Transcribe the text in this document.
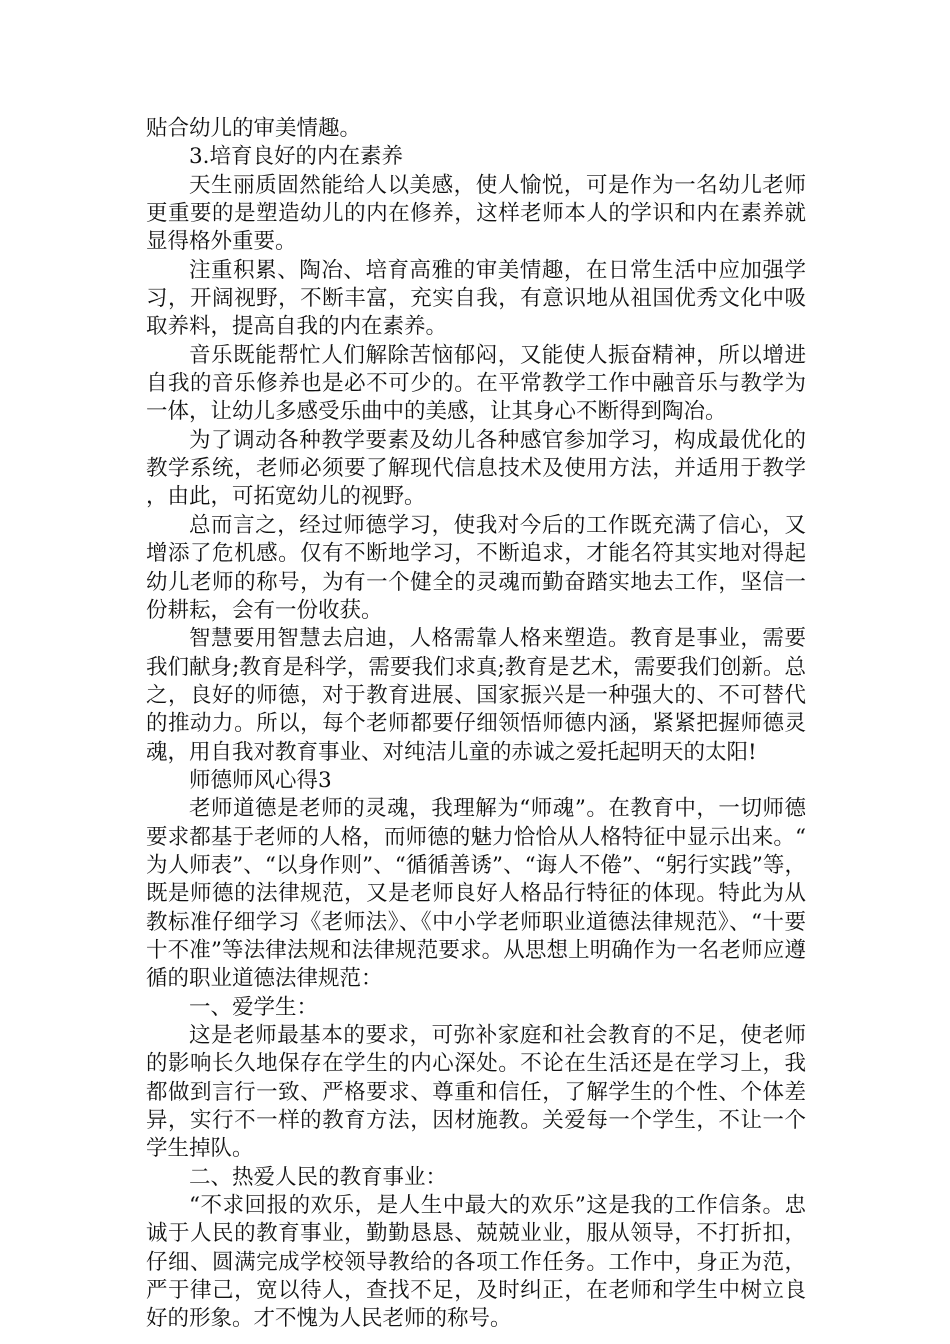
贴合幼儿的审美情趣。

3.培育良好的内在素养

天生丽质固然能给人以美感，使人愉悦，可是作为一名幼儿老师更重要的是塑造幼儿的内在修养，这样老师本人的学识和内在素养就显得格外重要。

注重积累、陶冶、培育高雅的审美情趣，在日常生活中应加强学习，开阔视野，不断丰富，充实自我，有意识地从祖国优秀文化中吸取养料，提高自我的内在素养。

音乐既能帮忙人们解除苦恼郁闷，又能使人振奋精神，所以增进自我的音乐修养也是必不可少的。在平常教学工作中融音乐与教学为一体，让幼儿多感受乐曲中的美感，让其身心不断得到陶冶。

为了调动各种教学要素及幼儿各种感官参加学习，构成最优化的教学系统，老师必须要了解现代信息技术及使用方法，并适用于教学，由此，可拓宽幼儿的视野。

总而言之，经过师德学习，使我对今后的工作既充满了信心，又增添了危机感。仅有不断地学习，不断追求，才能名符其实地对得起幼儿老师的称号，为有一个健全的灵魂而勤奋踏实地去工作，坚信一份耕耘，会有一份收获。

智慧要用智慧去启迪，人格需靠人格来塑造。教育是事业，需要我们献身;教育是科学，需要我们求真;教育是艺术，需要我们创新。总之，良好的师德，对于教育进展、国家振兴是一种强大的、不可替代的推动力。所以，每个老师都要仔细领悟师德内涵，紧紧把握师德灵魂，用自我对教育事业、对纯洁儿童的赤诚之爱托起明天的太阳!

师德师风心得3

老师道德是老师的灵魂，我理解为“师魂”。在教育中，一切师德要求都基于老师的人格，而师德的魅力恰恰从人格特征中显示出来。“为人师表”、“以身作则”、“循循善诱”、“诲人不倦”、“躬行实践”等，既是师德的法律规范，又是老师良好人格品行特征的体现。特此为从教标准仔细学习《老师法》、《中小学老师职业道德法律规范》、“十要十不准”等法律法规和法律规范要求。从思想上明确作为一名老师应遵循的职业道德法律规范：

一、爱学生：

这是老师最基本的要求，可弥补家庭和社会教育的不足，使老师的影响长久地保存在学生的内心深处。不论在生活还是在学习上，我都做到言行一致、严格要求、尊重和信任，了解学生的个性、个体差异，实行不一样的教育方法，因材施教。关爱每一个学生，不让一个学生掉队。

二、热爱人民的教育事业：

“不求回报的欢乐，是人生中最大的欢乐”这是我的工作信条。忠诚于人民的教育事业，勤勤恳恳、兢兢业业，服从领导，不打折扣，仔细、圆满完成学校领导教给的各项工作任务。工作中，身正为范，严于律己，宽以待人，查找不足，及时纠正，在老师和学生中树立良好的形象。才不愧为人民老师的称号。
